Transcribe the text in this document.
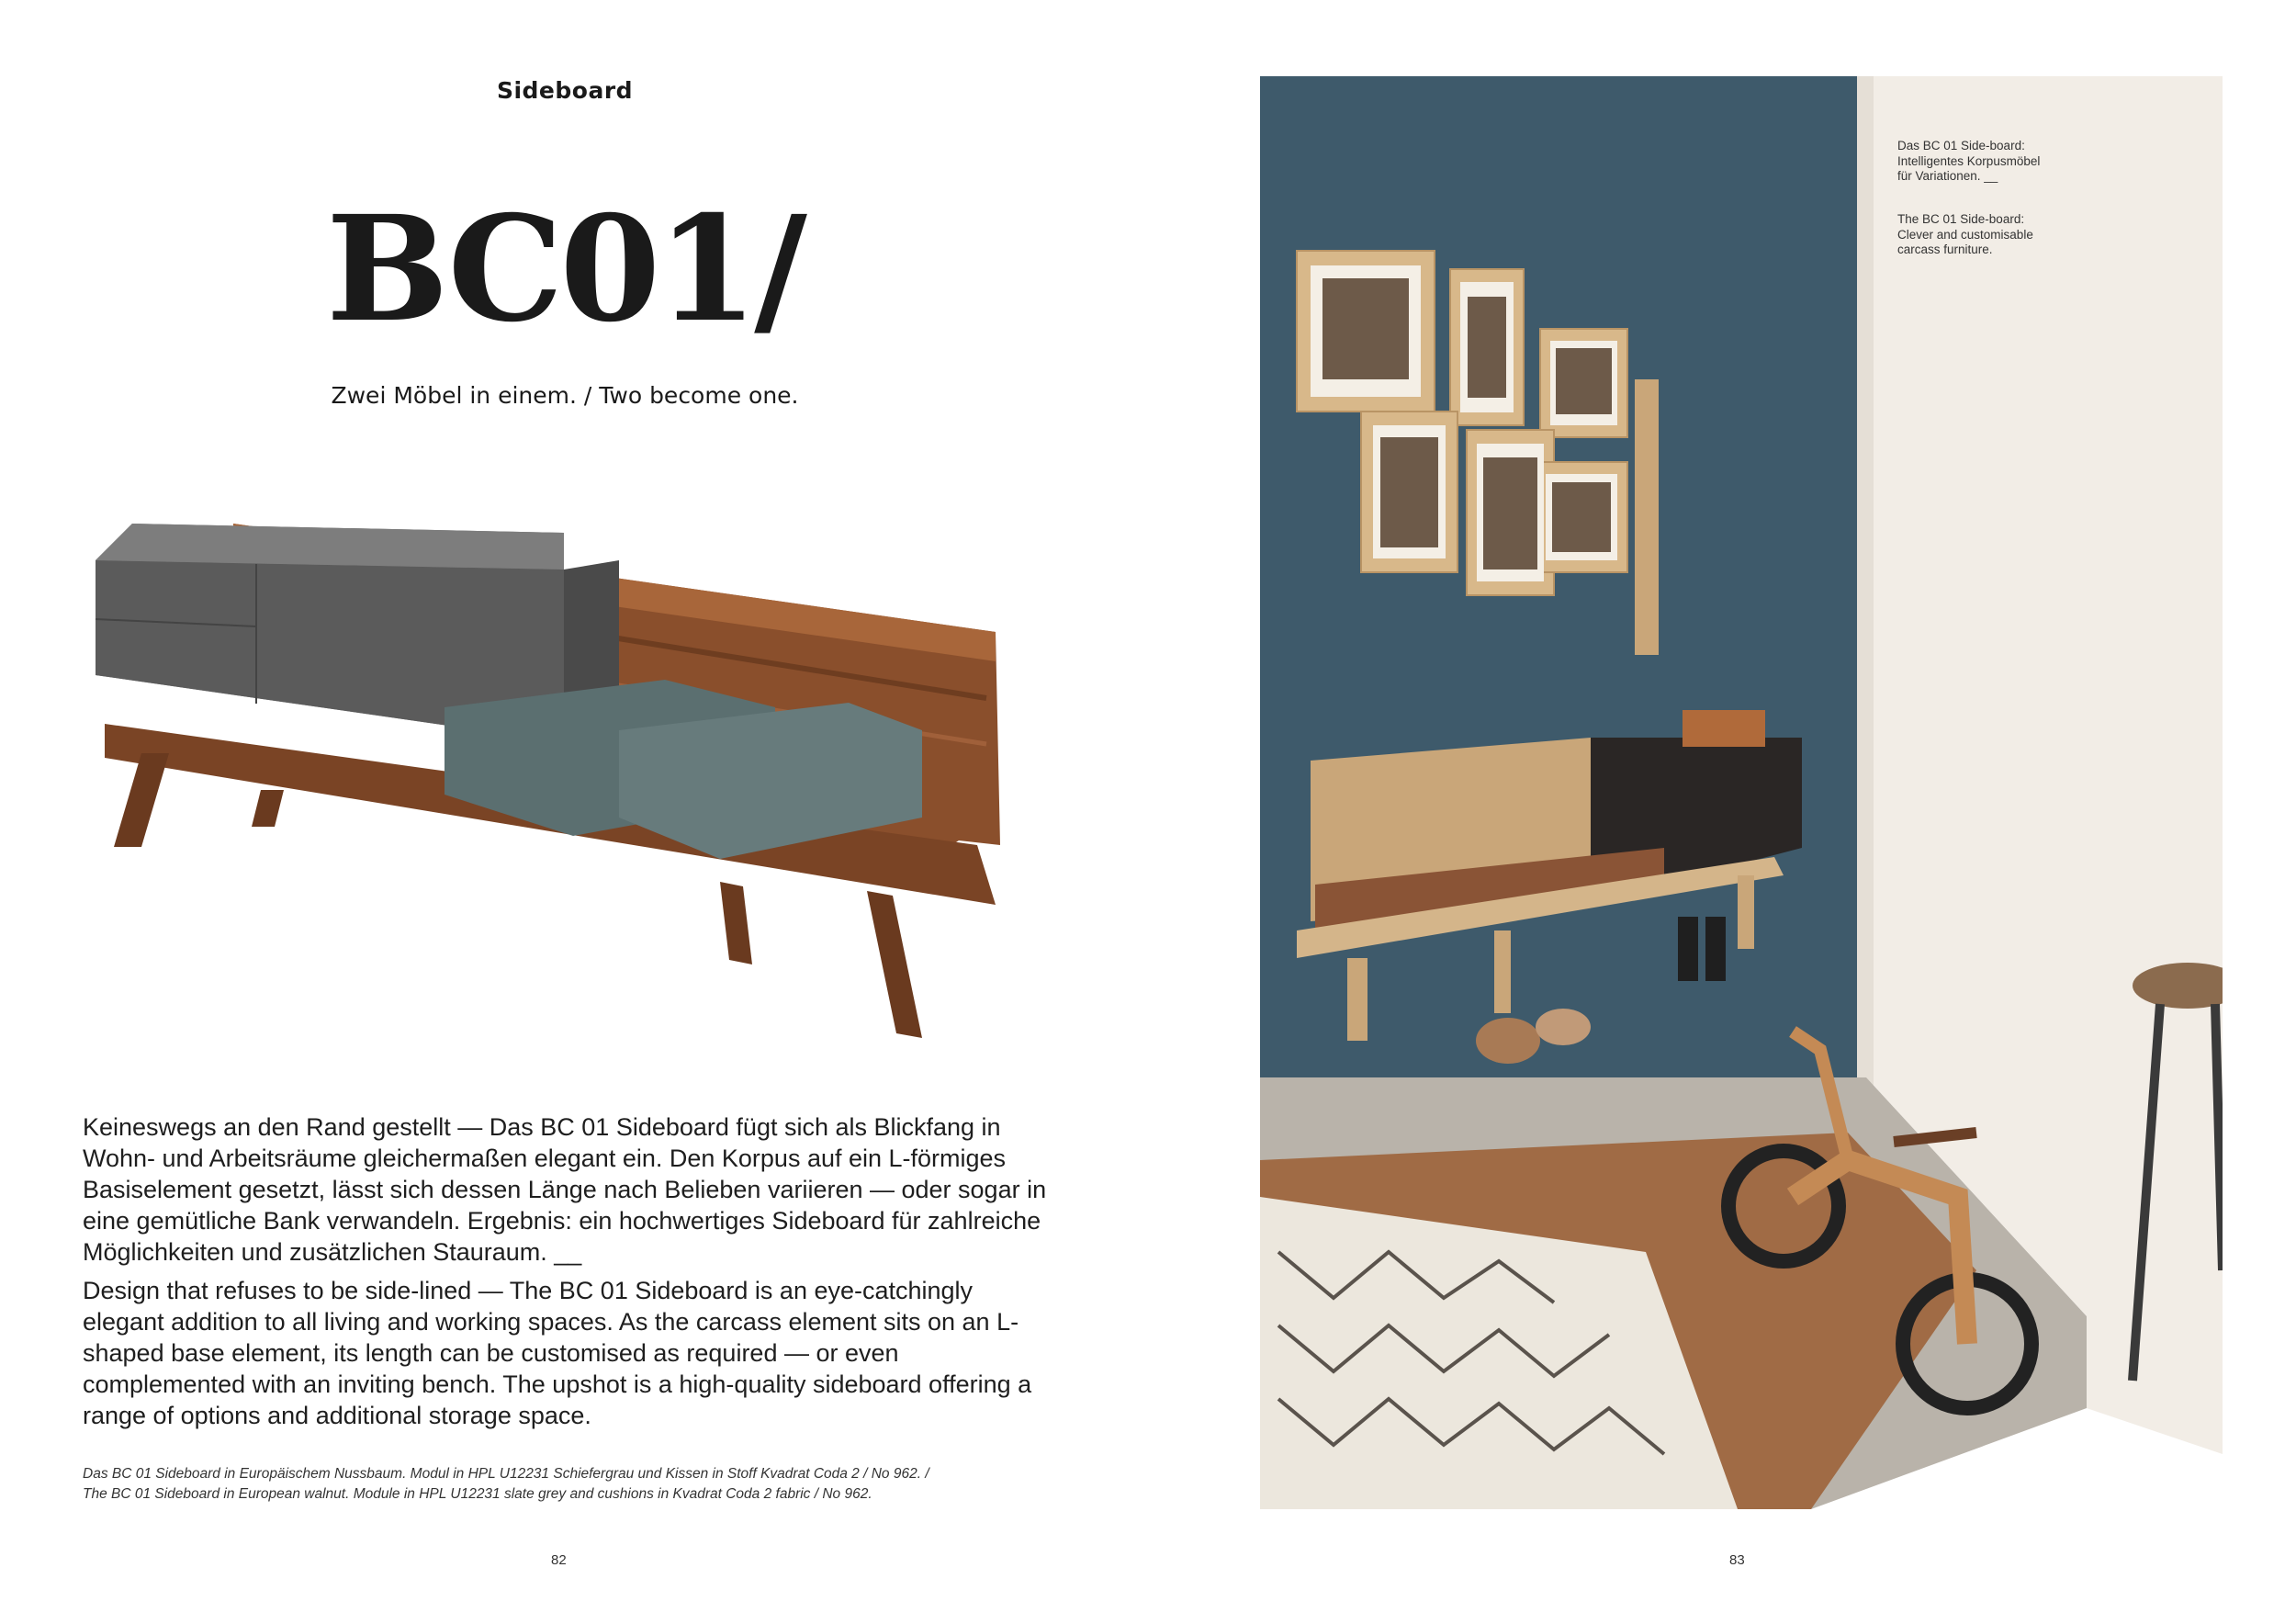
Sideboard
BC01/
Zwei Möbel in einem. / Two become one.
Keineswegs an den Rand gestellt — Das BC 01 Sideboard fügt sich als Blickfang in Wohn- und Arbeitsräume gleichermaßen elegant ein. Den Korpus auf ein L-förmiges Basiselement gesetzt, lässt sich dessen Länge nach Belieben variieren — oder sogar in eine gemütliche Bank verwandeln. Ergebnis: ein hochwertiges Sideboard für zahlreiche Möglichkeiten und zusätzlichen Stauraum. __
Design that refuses to be side-lined — The BC 01 Sideboard is an eye-catchingly elegant addition to all living and working spaces. As the carcass element sits on an L-shaped base element, its length can be customised as required — or even complemented with an inviting bench. The upshot is a high-quality sideboard offering a range of options and additional storage space.
Das BC 01 Sideboard in Europäischem Nussbaum. Modul in HPL U12231 Schiefergrau und Kissen in Stoff Kvadrat Coda 2 / No 962. /
The BC 01 Sideboard in European walnut. Module in HPL U12231 slate grey and cushions in Kvadrat Coda 2 fabric / No 962.
82
Das BC 01 Side-board: Intelligentes Korpusmöbel für Variationen. __
The BC 01 Side-board: Clever and customisable carcass furniture.
83
